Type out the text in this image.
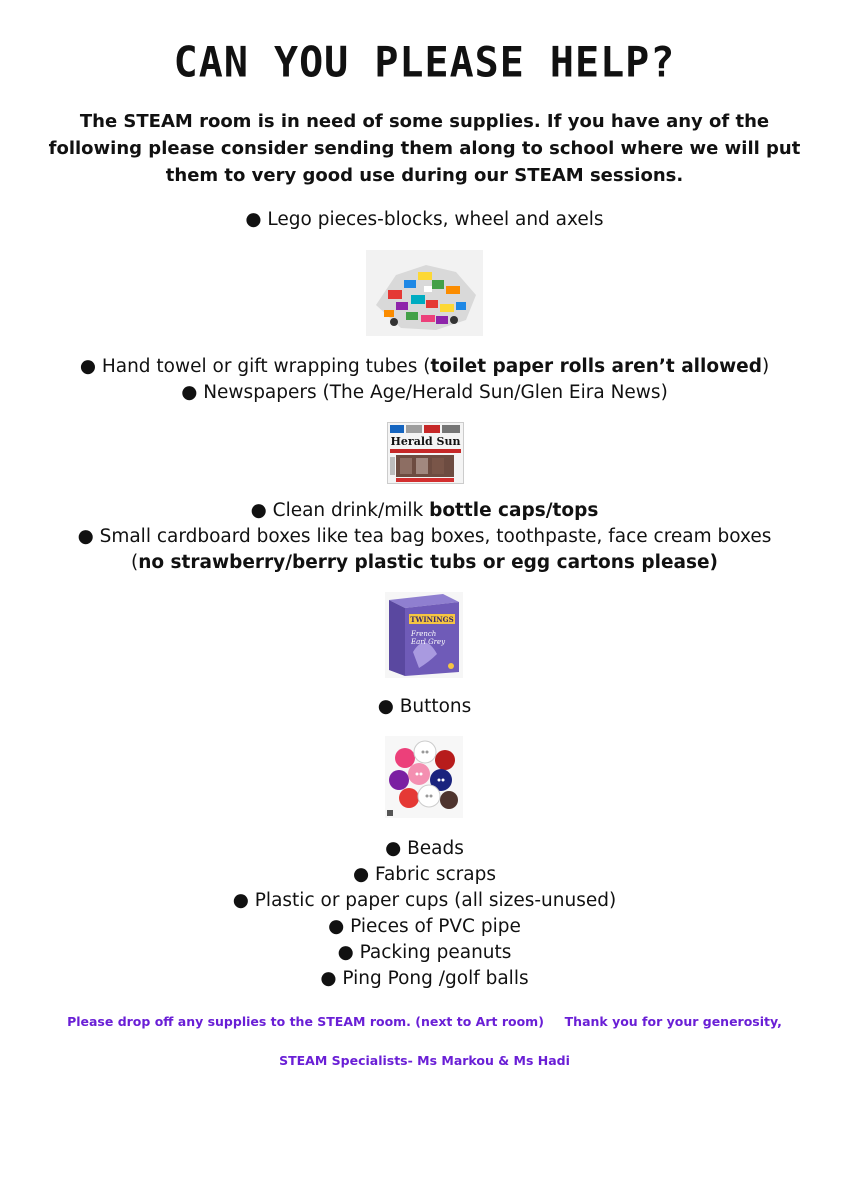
CAN YOU PLEASE HELP?
The STEAM room is in need of some supplies. If you have any of the following please consider sending them along to school where we will put them to very good use during our STEAM sessions.
● Lego pieces-blocks, wheel and axels
● Hand towel or gift wrapping tubes (toilet paper rolls aren’t allowed)
● Newspapers (The Age/Herald Sun/Glen Eira News)
Herald Sun
● Clean drink/milk bottle caps/tops
● Small cardboard boxes like tea bag boxes, toothpaste, face cream boxes (no strawberry/berry plastic tubs or egg cartons please)
TWININGS
French
Earl Grey
● Buttons
● Beads
● Fabric scraps
● Plastic or paper cups (all sizes-unused)
● Pieces of PVC pipe
● Packing peanuts
● Ping Pong /golf balls
Please drop off any supplies to the STEAM room. (next to Art room) Thank you for your generosity,
STEAM Specialists- Ms Markou & Ms Hadi
